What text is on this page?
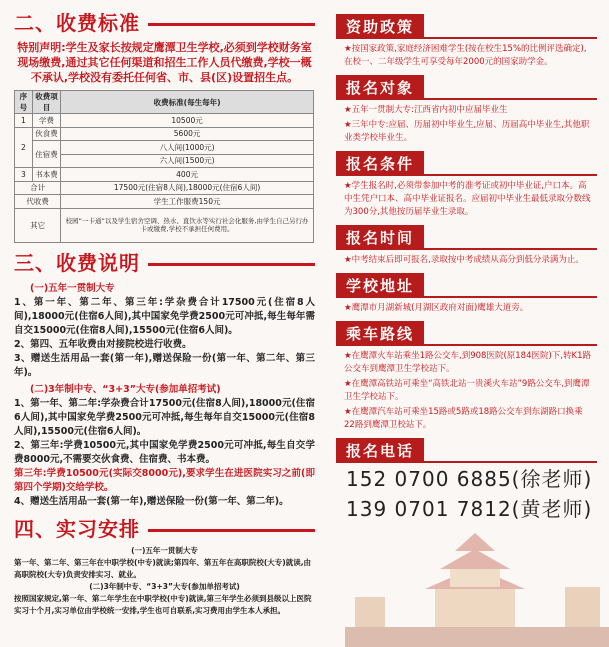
二、收费标准
特别声明:学生及家长按规定鹰潭卫生学校,必须到学校财务室现场缴费,通过其它任何渠道和招生工作人员代缴费,学校一概不承认,学校没有委托任何省、市、县(区)设置招生点。
序号	收费项目	收费标准(每生每年)
1	学费	10500元
2	伙食费	5600元
	住宿费	八人间(1000元)
		六人间(1500元)
3	书本费	400元
合计		17500元(住宿8人间),18000元(住宿6人间)
代收费		学生工作服费150元
其它		校园“一卡通”以及学生宿舍空调、热水、直饮水等实行社会化服务,由学生自己另行办卡或缴费,学校不承担任何费用。
三、收费说明
(一)五年一贯制大专
1、第一年、第二年、第三年:学杂费合计17500元(住宿8人间),18000元(住宿6人间),其中国家免学费2500元可冲抵,每生每年需自交15000元(住宿8人间),15500元(住宿6人间)。
2、第四、五年收费由对接院校进行收费。
3、赠送生活用品一套(第一年),赠送保险一份(第一年、第二年、第三年)。
(二)3年制中专、“3+3”大专(参加单招考试)
1、第一年、第二年:学杂费合计17500元(住宿8人间),18000元(住宿6人间),其中国家免学费2500元可冲抵,每生每年自交15000元(住宿8人间),15500元(住宿6人间)。
2、第三年:学费10500元,其中国家免学费2500元可冲抵,每生自交学费8000元,不需要交伙食费、住宿费、书本费。
第三年:学费10500元(实际交8000元),要求学生在进医院实习之前(即第四个学期)交给学校。
4、赠送生活用品一套(第一年),赠送保险一份(第一年、第二年)。
四、实习安排
(一)五年一贯制大专
第一年、第二年、第三年在中职学校(中专)就读;第四年、第五年在高职院校(大专)就读,由高职院校(大专)负责安排实习、就业。
(二)3年制中专、“3+3”大专(参加单招考试)
按照国家规定,第一年、第二年学生在中职学校(中专)就读,第三年学生必须到县级以上医院实习十个月,实习单位由学校统一安排,学生也可自联系,实习费用由学生本人承担。
资助政策
★按国家政策,家庭经济困难学生(按在校生15%的比例评选确定),在校一、二年级学生可享受每年2000元的国家助学金。
报名对象
★五年一贯制大专:江西省内初中应届毕业生
★三年中专:应届、历届初中毕业生,应届、历届高中毕业生,其他职业类学校毕业生。
报名条件
★学生报名时,必须带参加中考的准考证或初中毕业证,户口本。高中生凭户口本、高中毕业证报名。应届初中毕业生最低录取分数线为300分,其他按历届毕业生录取。
报名时间
★中考结束后即可报名,录取按中考成绩从高分到低分录满为止。
学校地址
★鹰潭市月湖新城(月湖区政府对面)鹰雄大道旁。
乘车路线
★在鹰潭火车站乘坐1路公交车,到908医院(原184医院)下,转K1路公交车到鹰潭卫生学校站下。
★在鹰潭高铁站可乘坐“高铁北站一贵溪火车站”9路公交车,到鹰潭卫生学校站下。
★在鹰潭汽车站可乘坐15路或5路或18路公交车到东湖路口换乘22路到鹰潭卫校站下。
报名电话
152 0700 6885(徐老师)
139 0701 7812(黄老师)
